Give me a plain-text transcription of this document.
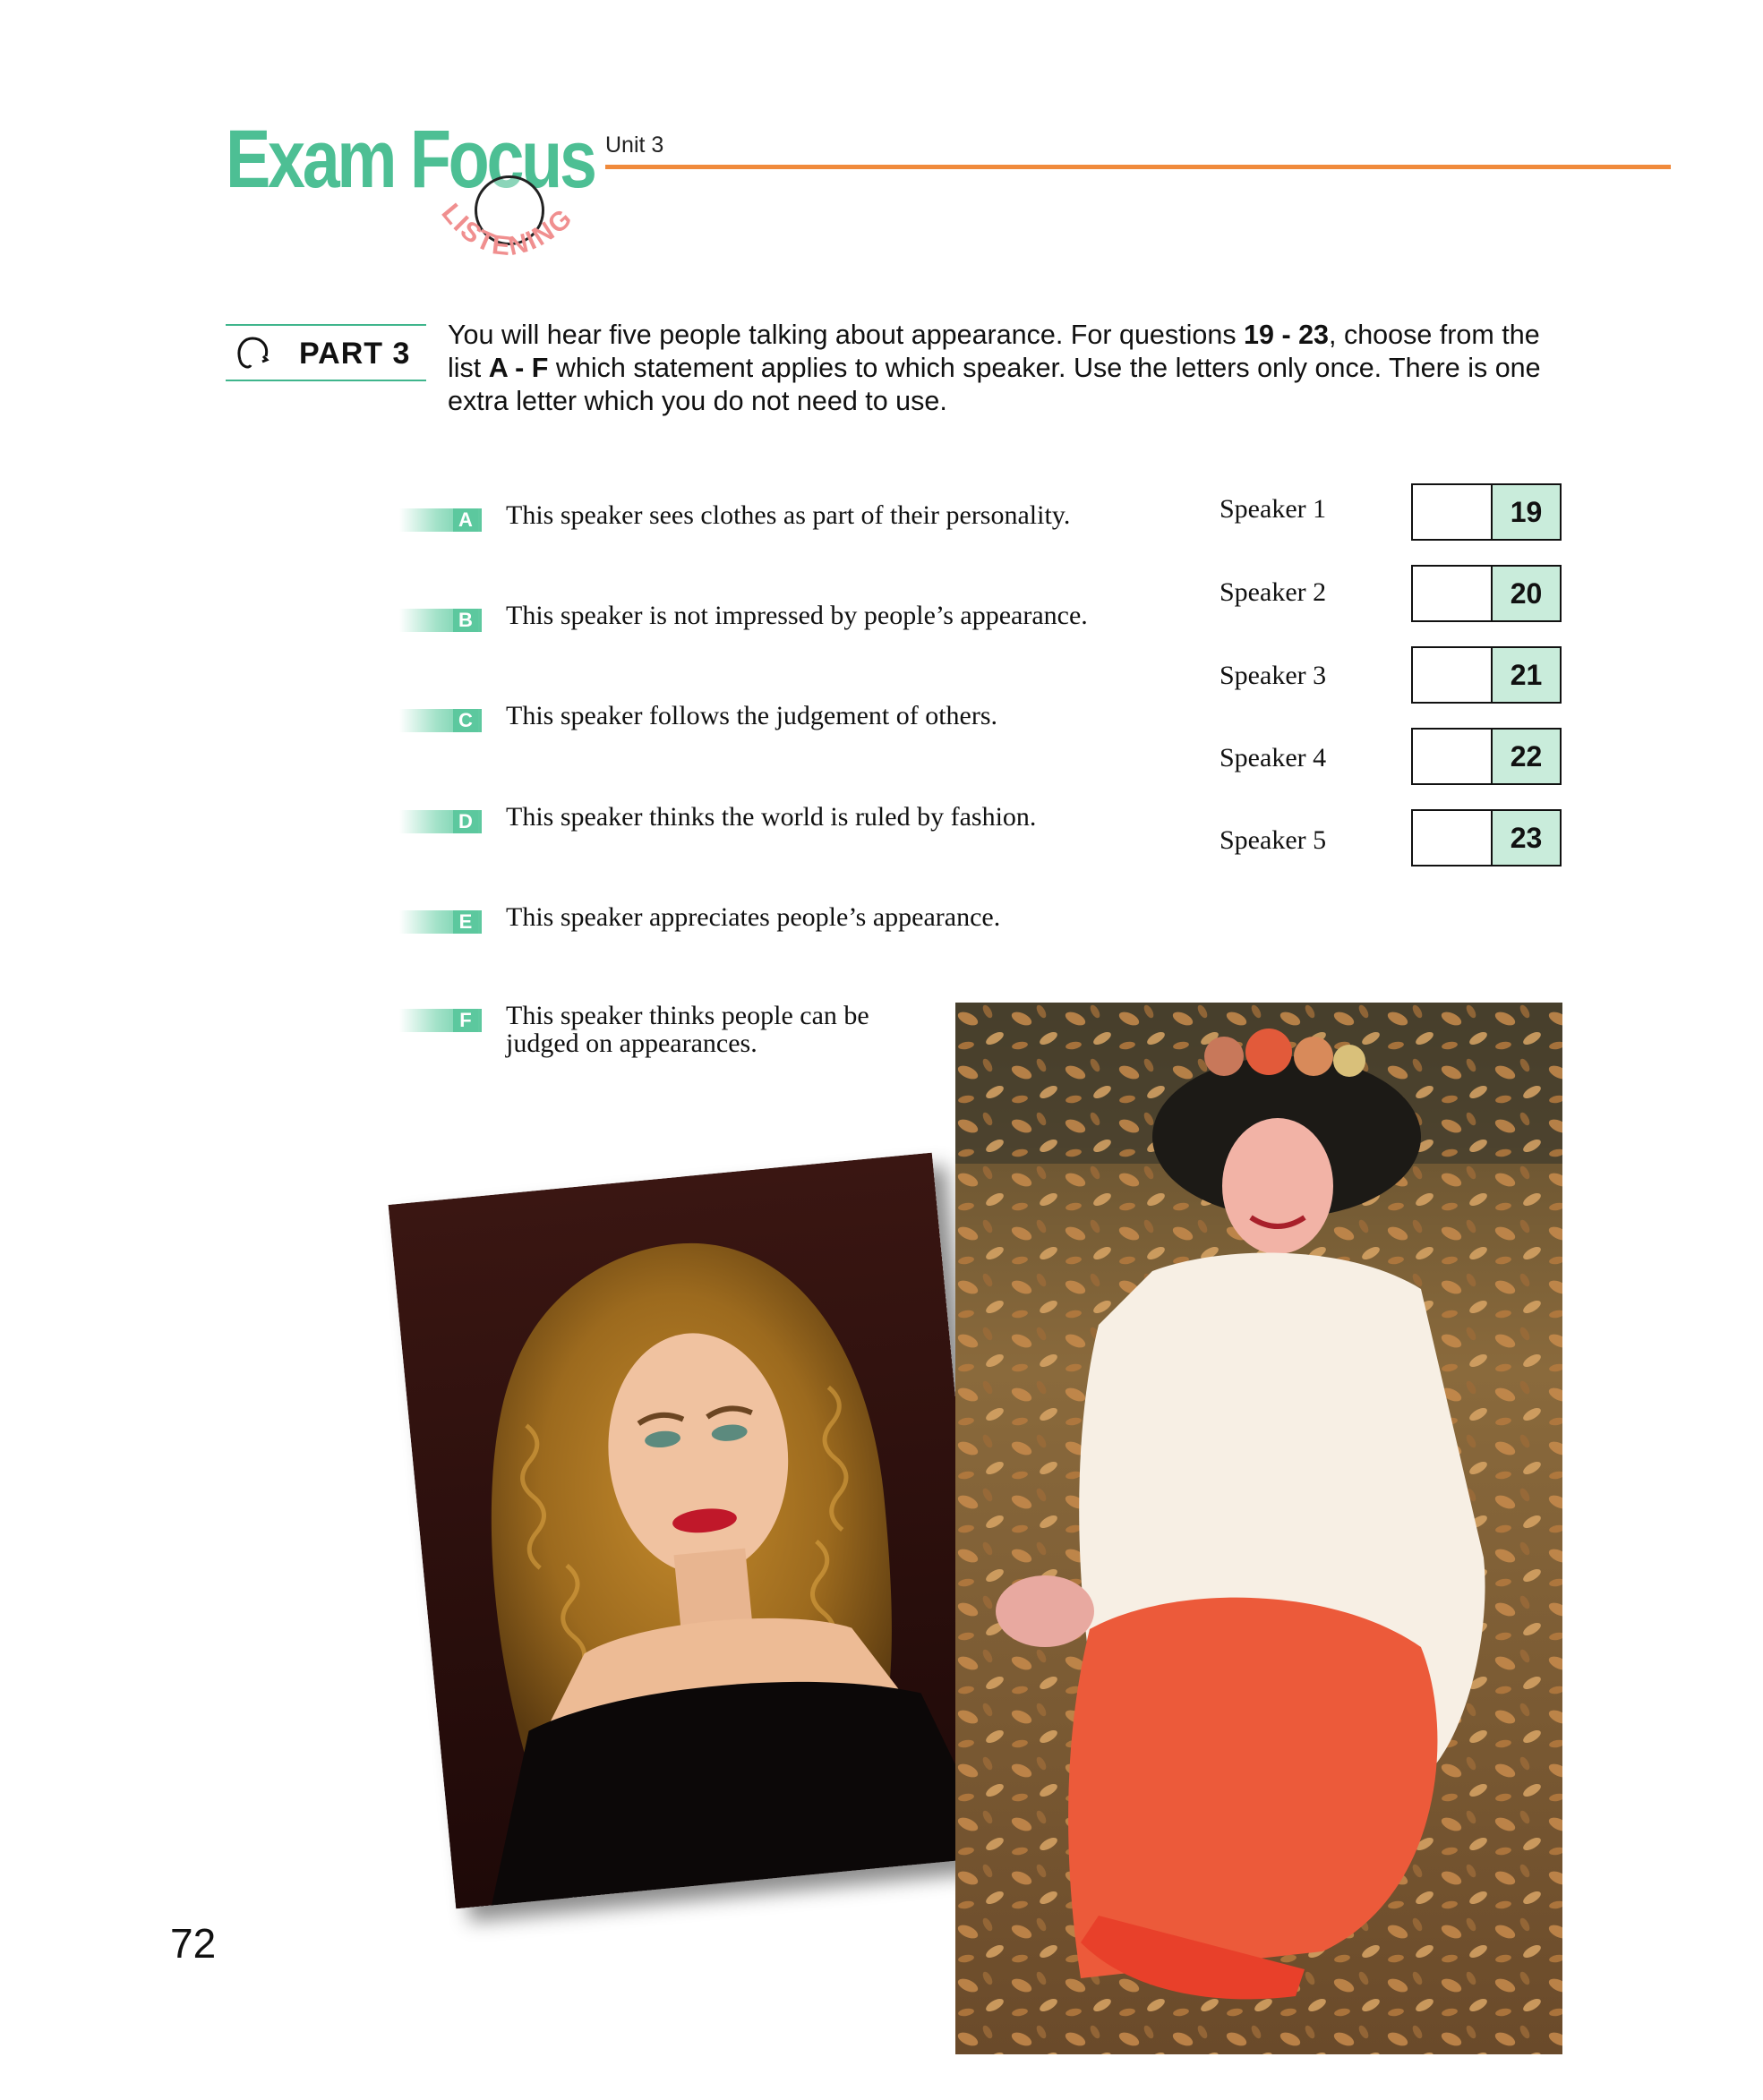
Exam Focus
LISTENING
Unit 3
PART 3
You will hear five people talking about appearance. For questions 19 - 23, choose from the list A - F which statement applies to which speaker. Use the letters only once. There is one extra letter which you do not need to use.
A This speaker sees clothes as part of their personality.
B This speaker is not impressed by people’s appearance.
C This speaker follows the judgement of others.
D This speaker thinks the world is ruled by fashion.
E This speaker appreciates people’s appearance.
F This speaker thinks people can be judged on appearances.
Speaker 1	19
Speaker 2	20
Speaker 3	21
Speaker 4	22
Speaker 5	23
72
